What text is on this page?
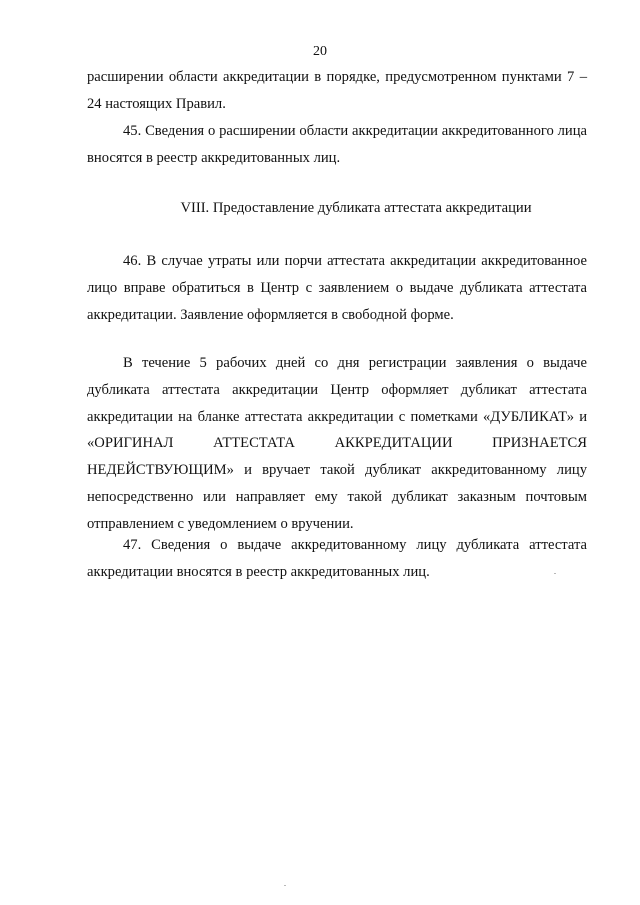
20

расширении области аккредитации в порядке, предусмотренном пунктами 7 – 24 настоящих Правил.

45. Сведения о расширении области аккредитации аккредитованного лица вносятся в реестр аккредитованных лиц.

VIII. Предоставление дубликата аттестата аккредитации

46. В случае утраты или порчи аттестата аккредитации аккредитованное лицо вправе обратиться в Центр с заявлением о выдаче дубликата аттестата аккредитации. Заявление оформляется в свободной форме.

В течение 5 рабочих дней со дня регистрации заявления о выдаче дубликата аттестата аккредитации Центр оформляет дубликат аттестата аккредитации на бланке аттестата аккредитации с пометками «ДУБЛИКАТ» и «ОРИГИНАЛ АТТЕСТАТА АККРЕДИТАЦИИ ПРИЗНАЕТСЯ НЕДЕЙСТВУЮЩИМ» и вручает такой дубликат аккредитованному лицу непосредственно или направляет ему такой дубликат заказным почтовым отправлением с уведомлением о вручении.

47. Сведения о выдаче аккредитованному лицу дубликата аттестата аккредитации вносятся в реестр аккредитованных лиц.
